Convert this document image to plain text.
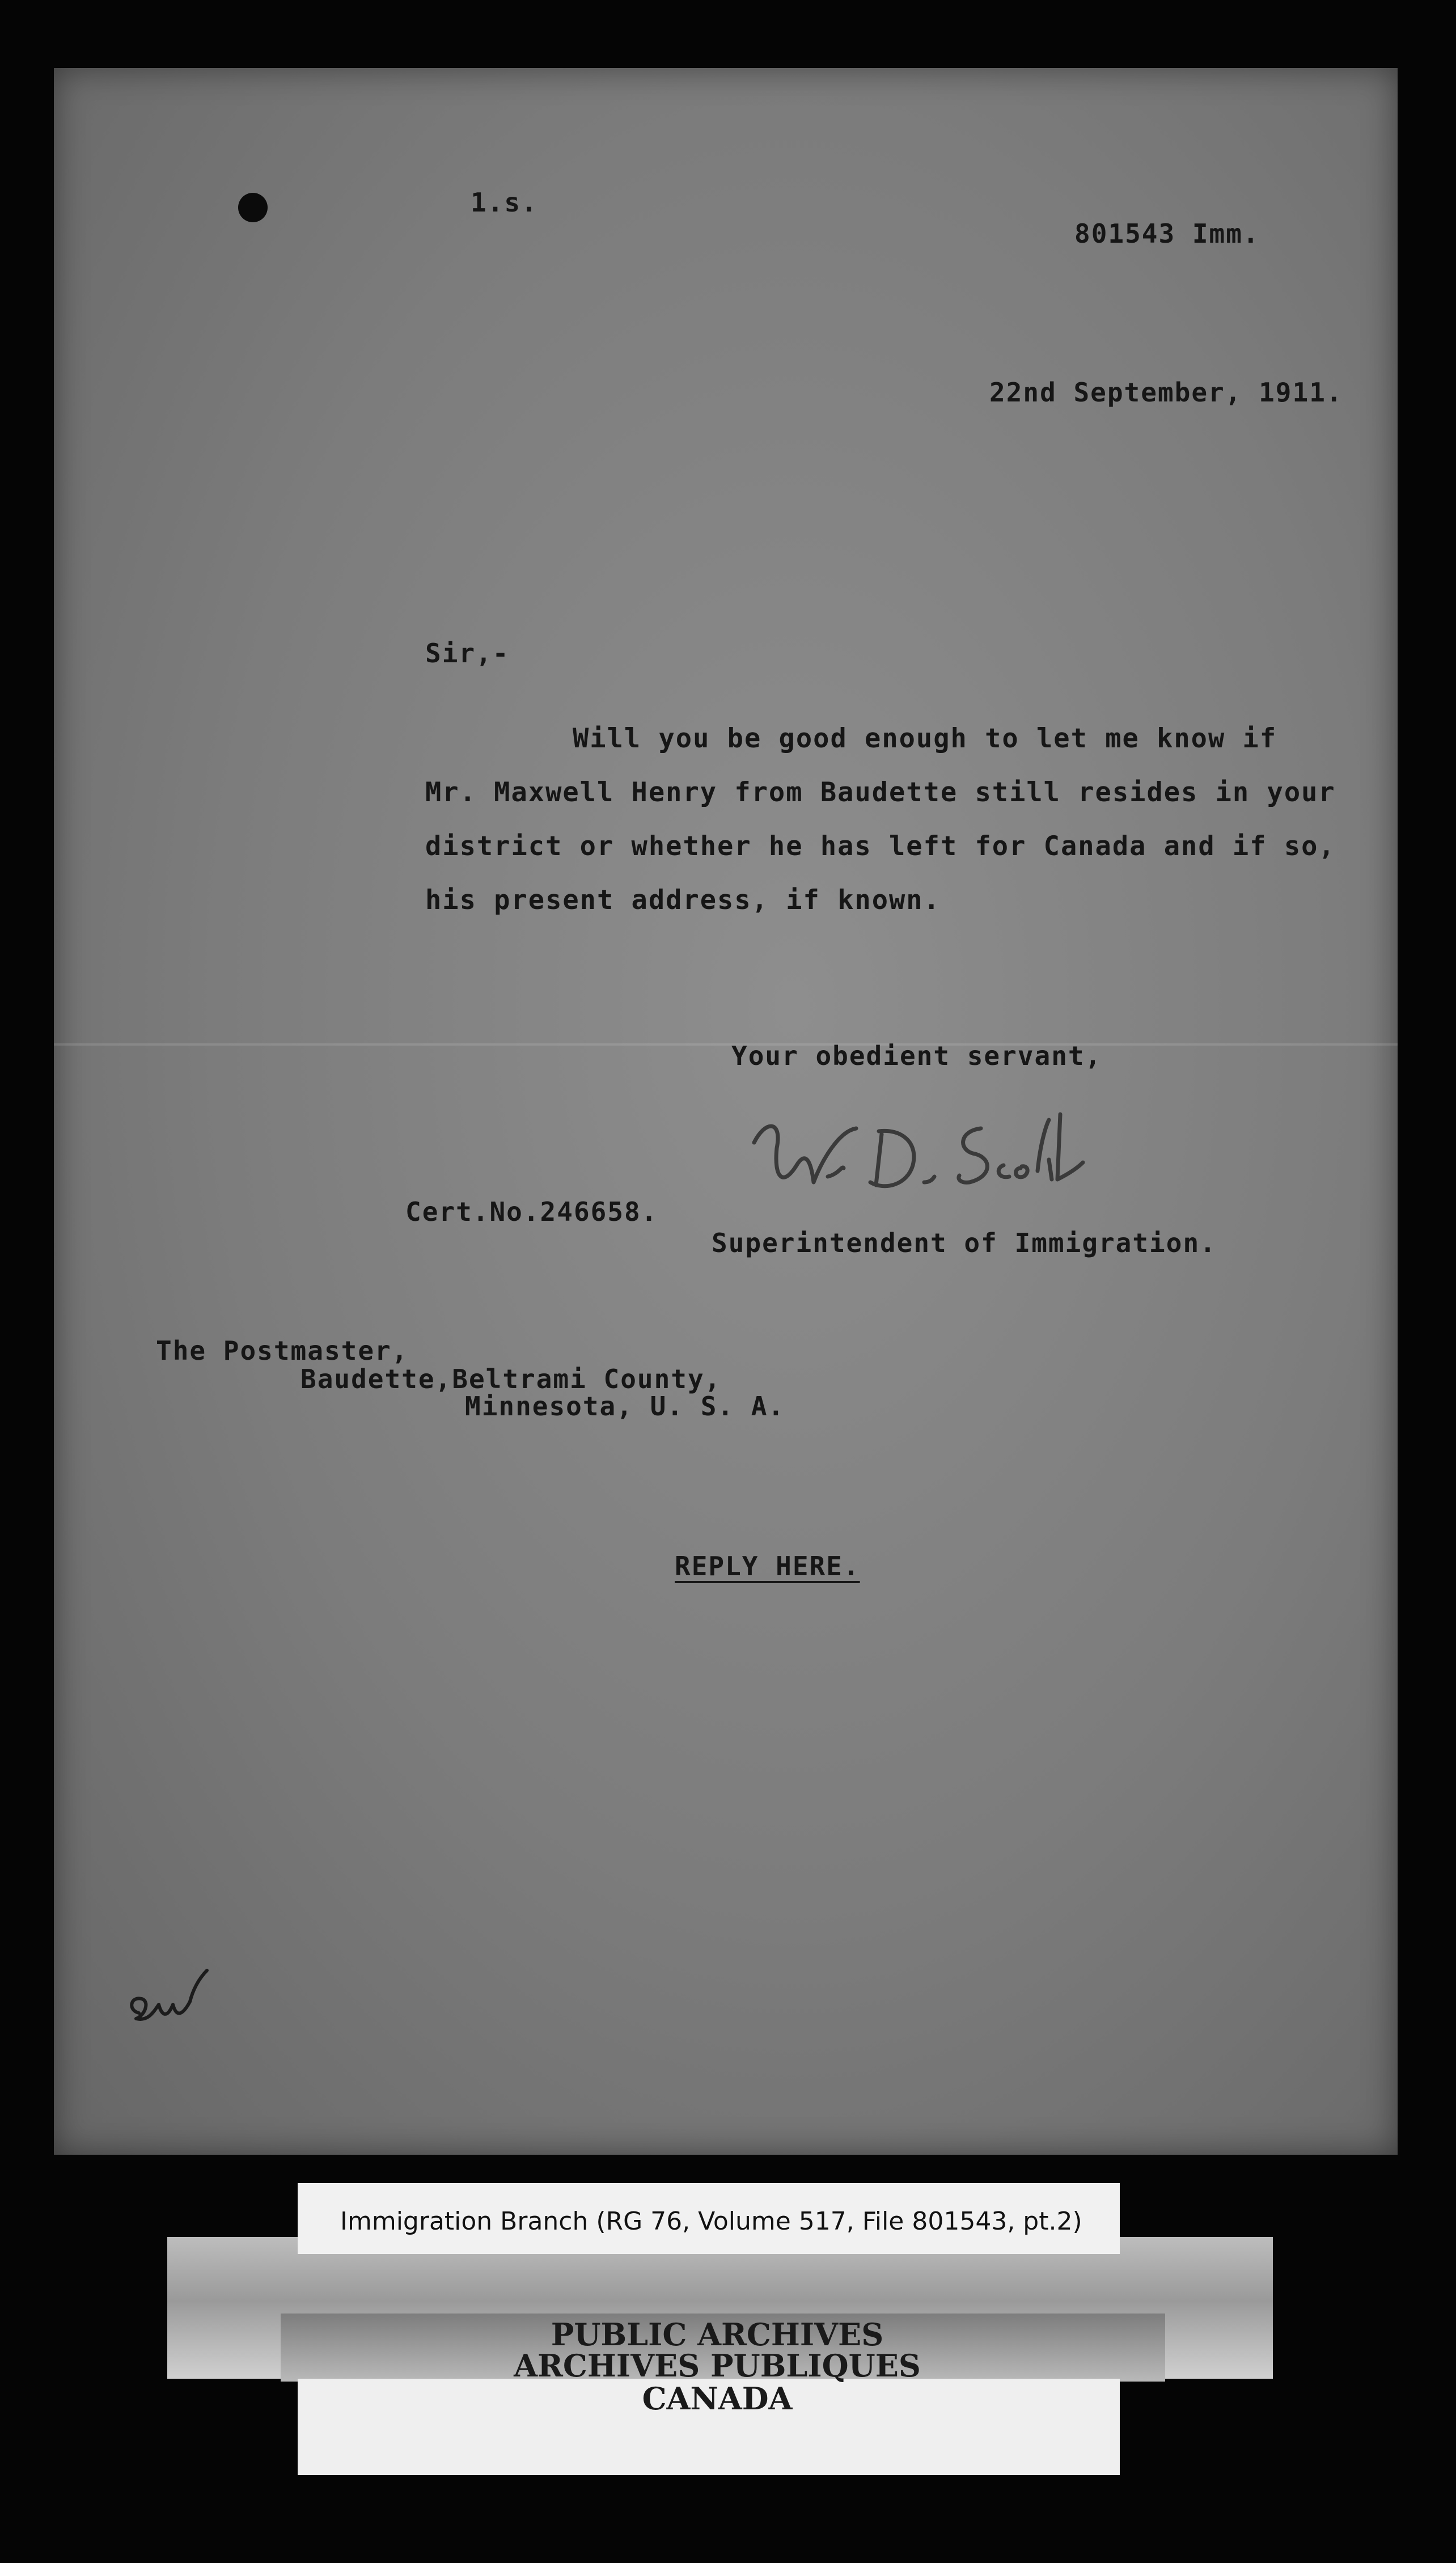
1.s.
801543 Imm.
22nd September, 1911.
Sir,-
Will you be good enough to let me know if
Mr. Maxwell Henry from Baudette still resides in your
district or whether he has left for Canada and if so,
his present address, if known.
Your obedient servant,
Cert.No.246658.
Superintendent of Immigration.
The Postmaster,
Baudette,Beltrami County,
Minnesota, U. S. A.
REPLY HERE.
Immigration Branch (RG 76, Volume 517, File 801543, pt.2)
PUBLIC ARCHIVES
ARCHIVES PUBLIQUES
CANADA
